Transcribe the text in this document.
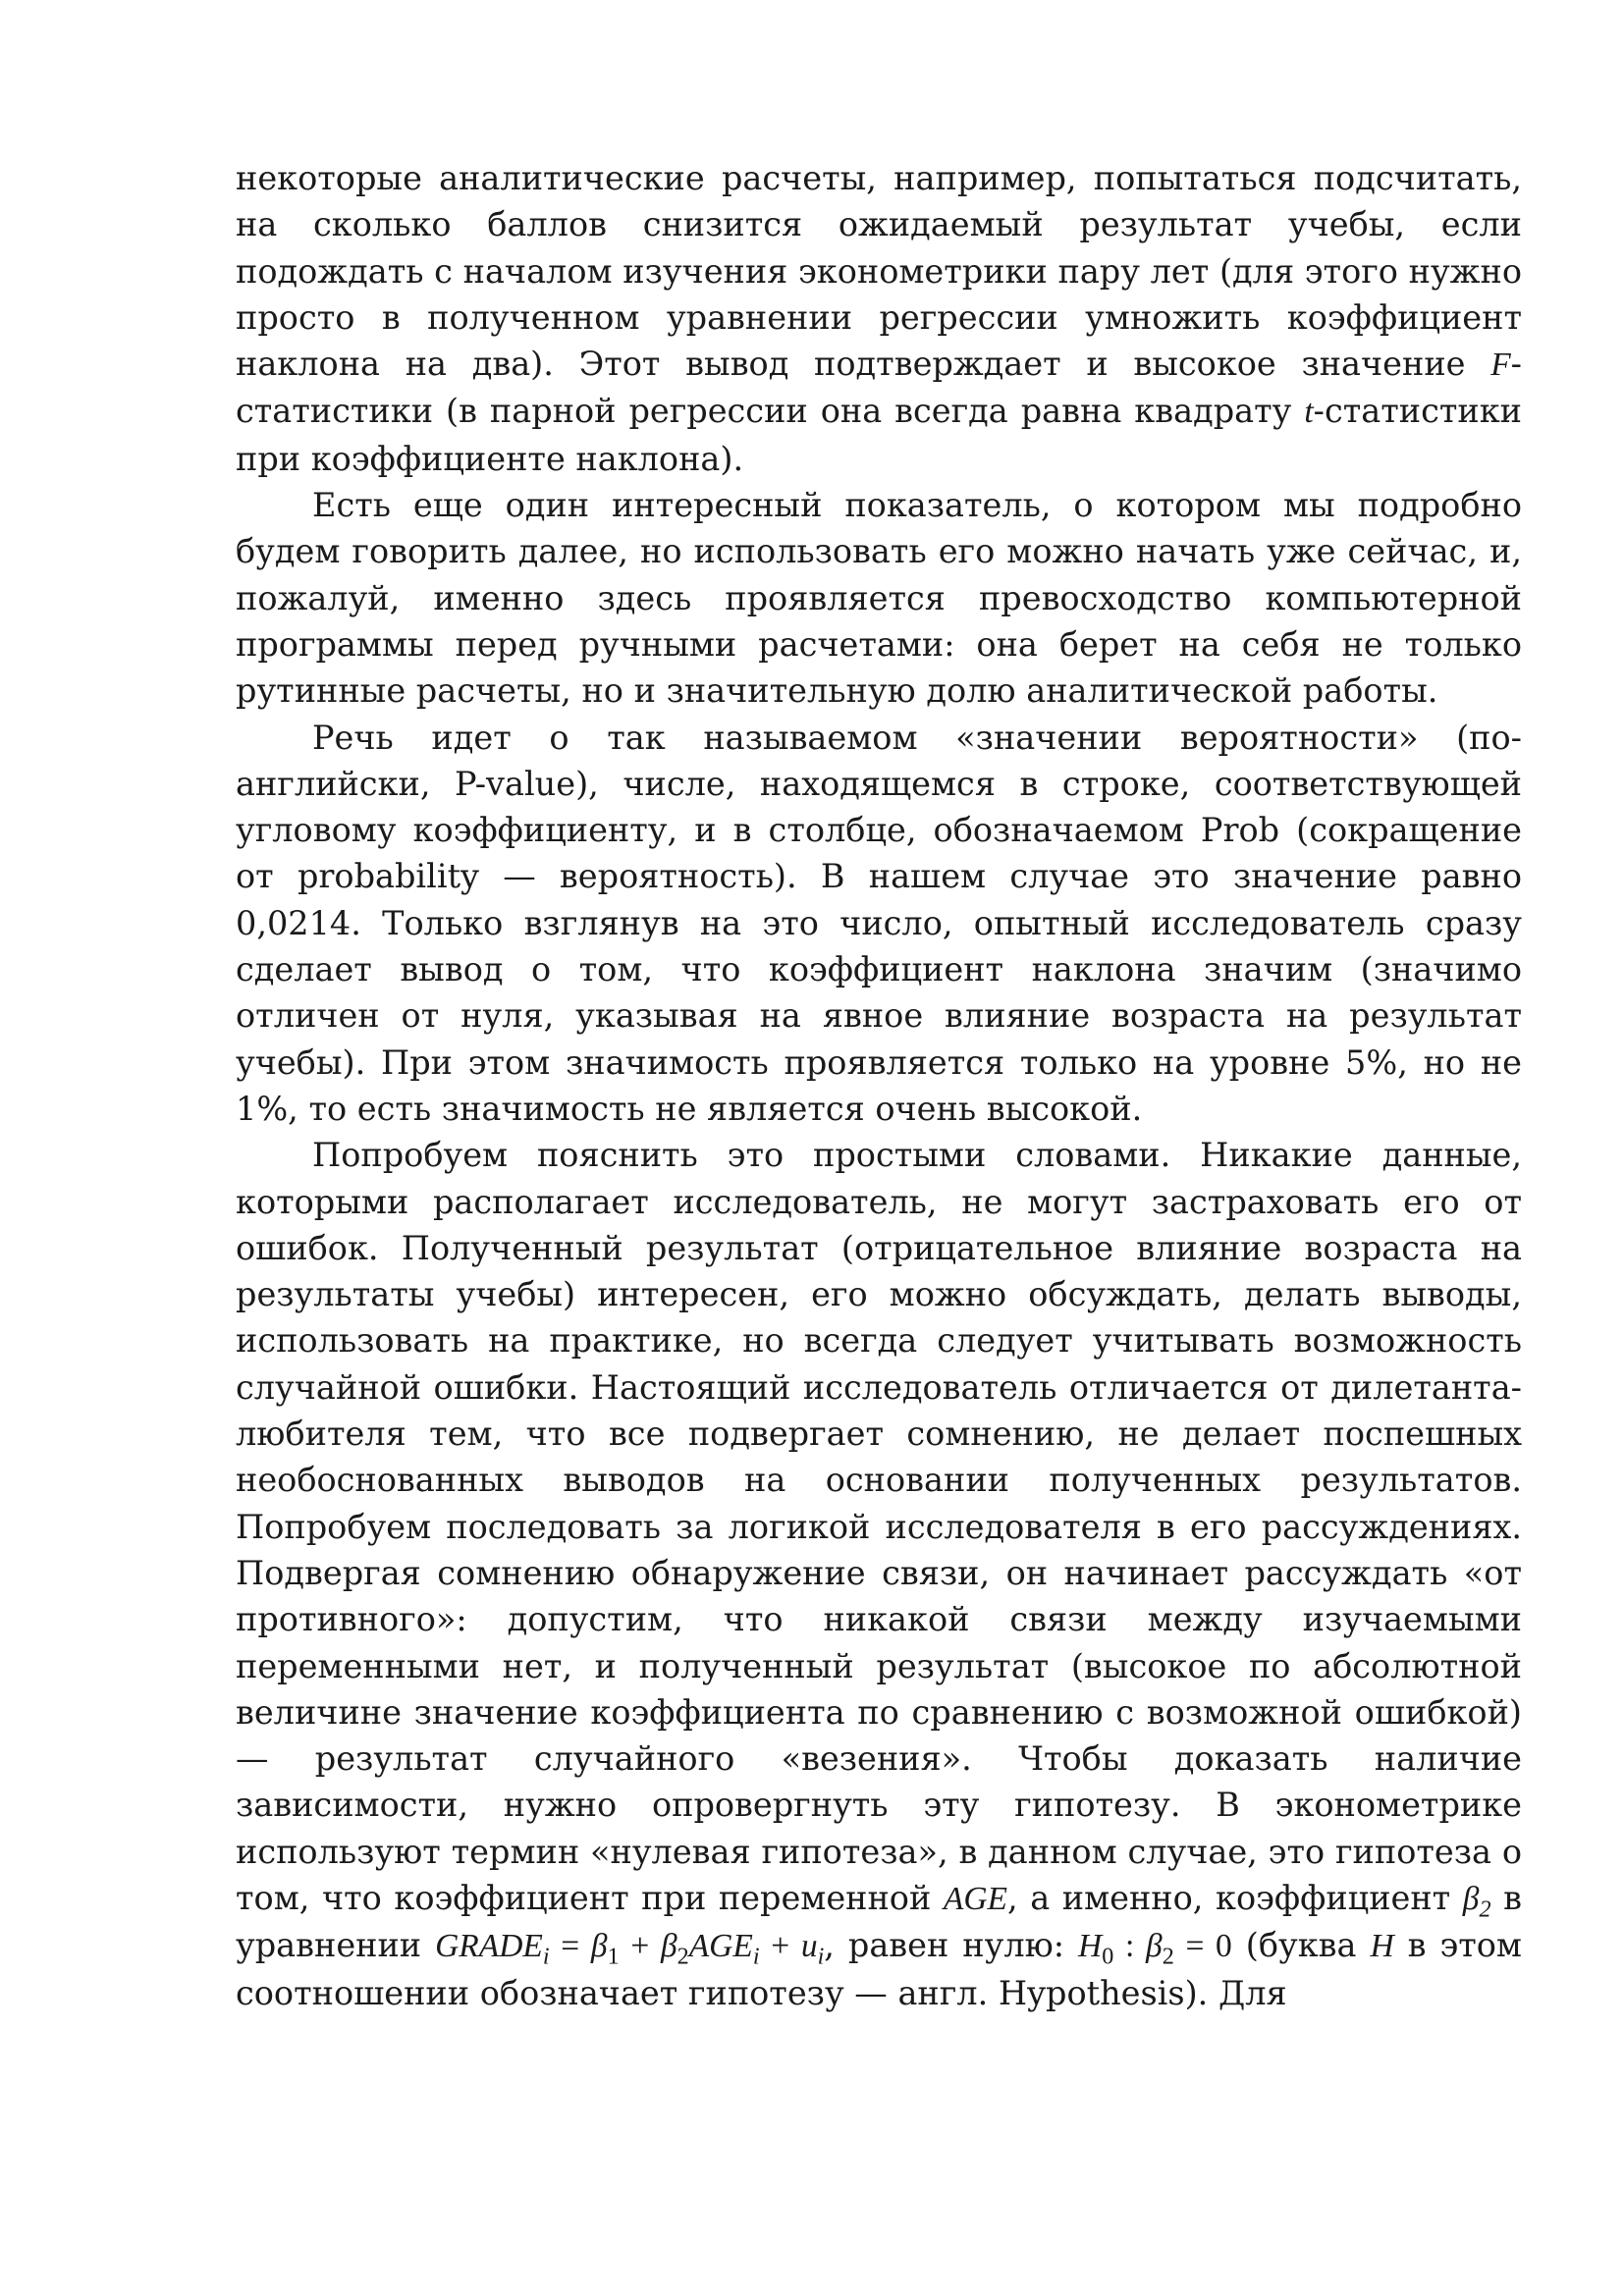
некоторые аналитические расчеты, например, попытаться подсчитать, на сколько баллов снизится ожидаемый результат учебы, если подождать с началом изучения эконометрики пару лет (для этого нужно просто в полученном уравнении регрессии умножить коэффициент наклона на два). Этот вывод подтверждает и высокое значение F-статистики (в парной регрессии она всегда равна квадрату t-статистики при коэффициенте наклона).

Есть еще один интересный показатель, о котором мы подробно будем говорить далее, но использовать его можно начать уже сейчас, и, пожалуй, именно здесь проявляется превосходство компьютерной программы перед ручными расчетами: она берет на себя не только рутинные расчеты, но и значительную долю аналитической работы.

Речь идет о так называемом «значении вероятности» (по-английски, P-value), числе, находящемся в строке, соответствующей угловому коэффициенту, и в столбце, обозначаемом Prob (сокращение от probability — вероятность). В нашем случае это значение равно 0,0214. Только взглянув на это число, опытный исследователь сразу сделает вывод о том, что коэффициент наклона значим (значимо отличен от нуля, указывая на явное влияние возраста на результат учебы). При этом значимость проявляется только на уровне 5%, но не 1%, то есть значимость не является очень высокой.

Попробуем пояснить это простыми словами. Никакие данные, которыми располагает исследователь, не могут застраховать его от ошибок. Полученный результат (отрицательное влияние возраста на результаты учебы) интересен, его можно обсуждать, делать выводы, использовать на практике, но всегда следует учитывать возможность случайной ошибки. Настоящий исследователь отличается от дилетанта-любителя тем, что все подвергает сомнению, не делает поспешных необоснованных выводов на основании полученных результатов. Попробуем последовать за логикой исследователя в его рассуждениях. Подвергая сомнению обнаружение связи, он начинает рассуждать «от противного»: допустим, что никакой связи между изучаемыми переменными нет, и полученный результат (высокое по абсолютной величине значение коэффициента по сравнению с возможной ошибкой) — результат случайного «везения». Чтобы доказать наличие зависимости, нужно опровергнуть эту гипотезу. В эконометрике используют термин «нулевая гипотеза», в данном случае, это гипотеза о том, что коэффициент при переменной AGE, а именно, коэффициент $\beta_2$ в уравнении $GRADE_i = \beta_1 + \beta_2AGE_i + u_i$, равен нулю: $H_0$ : $\beta_2 = 0$ (буква H в этом соотношении обозначает гипотезу — англ. Hypothesis). Для
